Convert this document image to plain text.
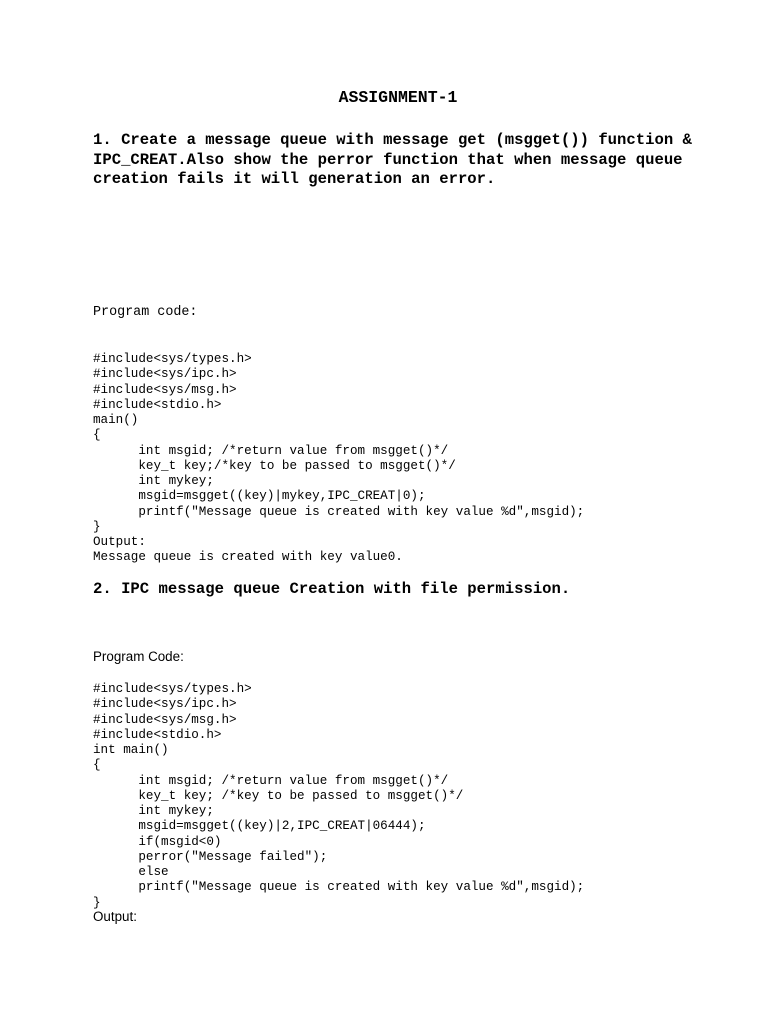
ASSIGNMENT-1

1. Create a message queue with message get (msgget()) function & IPC_CREAT.Also show the perror function that when message queue creation fails it will generation an error.

Program code:

#include<sys/types.h>
#include<sys/ipc.h>
#include<sys/msg.h>
#include<stdio.h>
main()
{
int msgid; /*return value from msgget()*/
key_t key;/*key to be passed to msgget()*/
int mykey;
msgid=msgget((key)|mykey,IPC_CREAT|0);
printf("Message queue is created with key value %d",msgid);
}
Output:
Message queue is created with key value0.

2. IPC message queue Creation with file permission.

Program Code:

#include<sys/types.h>
#include<sys/ipc.h>
#include<sys/msg.h>
#include<stdio.h>
int main()
{
int msgid; /*return value from msgget()*/
key_t key; /*key to be passed to msgget()*/
int mykey;
msgid=msgget((key)|2,IPC_CREAT|06444);
if(msgid<0)
perror("Message failed");
else
printf("Message queue is created with key value %d",msgid);
}

Output:
